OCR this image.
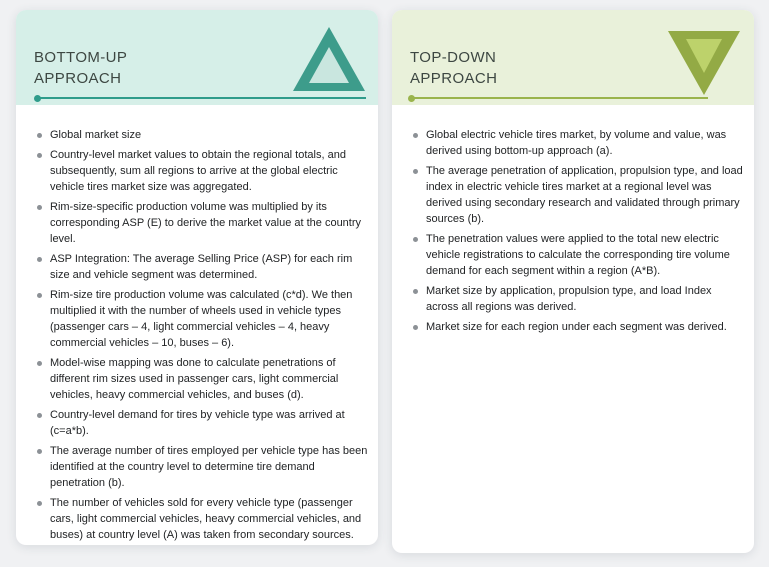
BOTTOM-UP
APPROACH
Global market size
Country-level market values to obtain the regional totals, and subsequently, sum all regions to arrive at the global electric vehicle tires market size was aggregated.
Rim-size-specific production volume was multiplied by its corresponding ASP (E) to derive the market value at the country level.
ASP Integration: The average Selling Price (ASP) for each rim size and vehicle segment was determined.
Rim-size tire production volume was calculated (c*d). We then multiplied it with the number of wheels used in vehicle types (passenger cars – 4, light commercial vehicles – 4, heavy commercial vehicles – 10, buses – 6).
Model-wise mapping was done to calculate penetrations of different rim sizes used in passenger cars, light commercial vehicles, heavy commercial vehicles, and buses (d).
Country-level demand for tires by vehicle type was arrived at (c=a*b).
The average number of tires employed per vehicle type has been identified at the country level to determine tire demand penetration (b).
The number of vehicles sold for every vehicle type (passenger cars, light commercial vehicles, heavy commercial vehicles, and buses) at country level (A) was taken from secondary sources.
TOP-DOWN
APPROACH
Global electric vehicle tires market, by volume and value, was derived using bottom-up approach (a).
The average penetration of application, propulsion type, and load index in electric vehicle tires market at a regional level was derived using secondary research and validated through primary sources (b).
The penetration values were applied to the total new electric vehicle registrations to calculate the corresponding tire volume demand for each segment within a region (A*B).
Market size by application, propulsion type, and load Index across all regions was derived.
Market size for each region under each segment was derived.
